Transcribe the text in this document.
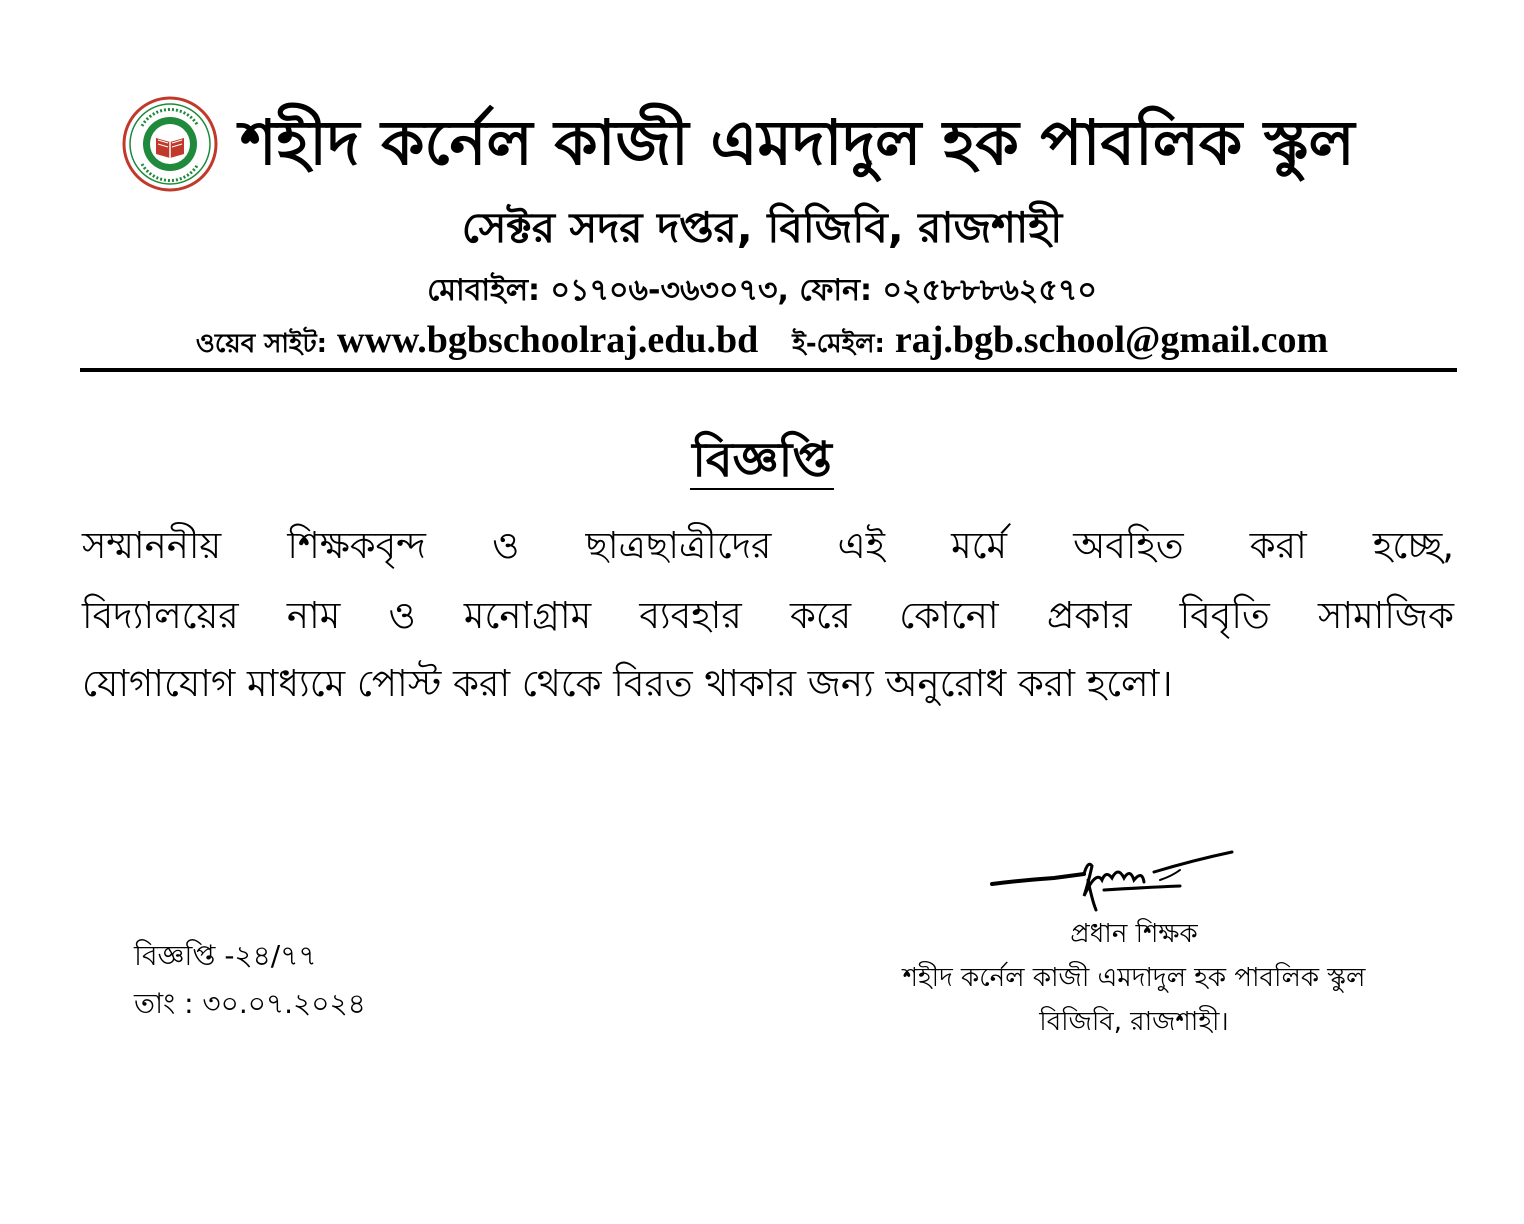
শহীদ কর্নেল কাজী এমদাদুল হক পাবলিক স্কুল
সেক্টর সদর দপ্তর, বিজিবি, রাজশাহী
মোবাইল: ০১৭০৬-৩৬৩০৭৩, ফোন: ০২৫৮৮৮৬২৫৭০
ওয়েব সাইট: www.bgbschoolraj.edu.bd ই-মেইল: raj.bgb.school@gmail.com
বিজ্ঞপ্তি
সম্মাননীয় শিক্ষকবৃন্দ ও ছাত্রছাত্রীদের এই মর্মে অবহিত করা হচ্ছে,
বিদ্যালয়ের নাম ও মনোগ্রাম ব্যবহার করে কোনো প্রকার বিবৃতি সামাজিক
যোগাযোগ মাধ্যমে পোস্ট করা থেকে বিরত থাকার জন্য অনুরোধ করা হলো।
বিজ্ঞপ্তি -২৪/৭৭
তাং : ৩০.০৭.২০২৪
প্রধান শিক্ষক
শহীদ কর্নেল কাজী এমদাদুল হক পাবলিক স্কুল
বিজিবি, রাজশাহী।
